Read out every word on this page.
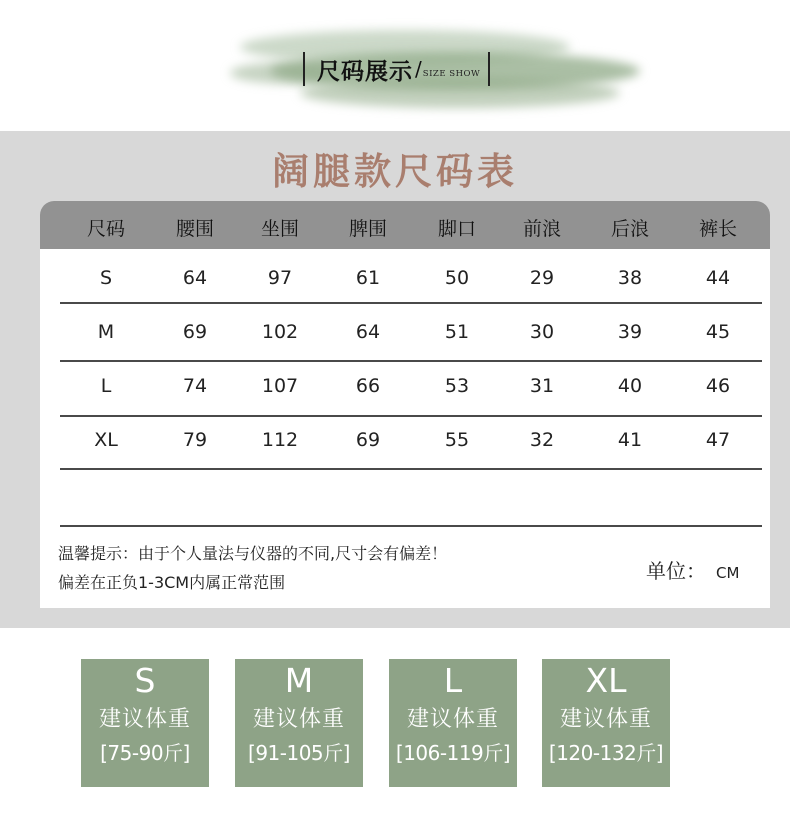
尺码展示 / SIZE SHOW
阔腿款尺码表
尺码	腰围 坐围	脾围	脚口 前浪	后浪	裤长
S	64	97	61	50	29	38	44
M	69	102	64	51	30	39	45
L	74	107	66	53	31	40	46
XL	79	112	69	55	32	41	47
温馨提示：由于个人量法与仪器的不同,尺寸会有偏差！
偏差在正负1-3CM内属正常范围	单位： CM
S
建议体重
[75-90斤]
M
建议体重
[91-105斤]
L
建议体重
[106-119斤]
XL
建议体重
[120-132斤]
